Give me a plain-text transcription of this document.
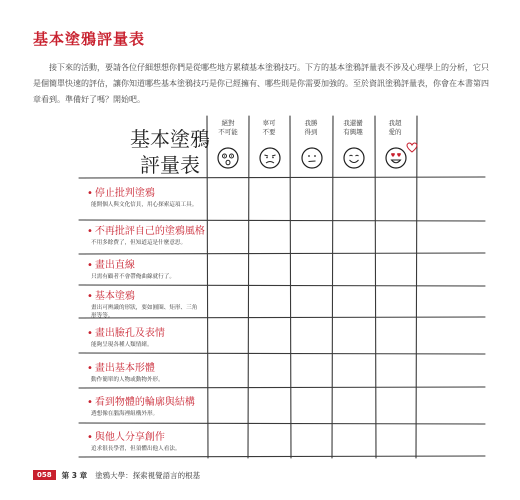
基本塗鴉評量表
接下來的活動，要請各位仔細想想你們是從哪些地方累積基本塗鴉技巧。下方的基本塗鴉評量表不涉及心理學上的分析，它只是個簡單快速的評估，讓你知道哪些基本塗鴉技巧是你已經擁有、哪些則是你需要加強的。至於資訊塗鴉評量表，你會在本書第四章看到。準備好了嗎？開始吧。
基本塗鴉
評量表
絕對
不可能
辜可
不要
我勝
得到
我還蠻
有興趣
我超
愛的
• 停止批判塗鴉
能開個人與文化信貝，用心探索這項工具。
• 不再批評自己的塗鴉風格
不用多餘費了，但知道這是什麼意思。
• 畫出直線
只需有顧者不會帶俺曲線就行了。
• 基本塗鴉
畫出可辨識的形狀，要如圓圈、矩形、三角形等等。
• 畫出臉孔及表情
能夠呈現各種人類情緒。
• 畫出基本形體
動作簡單的人物或動物外形。
• 看到物體的輪廓與結構
透想像在腦海裡組構外形。
• 與他人分享創作
追求很長學習，但須體出他人看法。
058	第 3 章 塗鴉大學：探索視覺語言的根基
